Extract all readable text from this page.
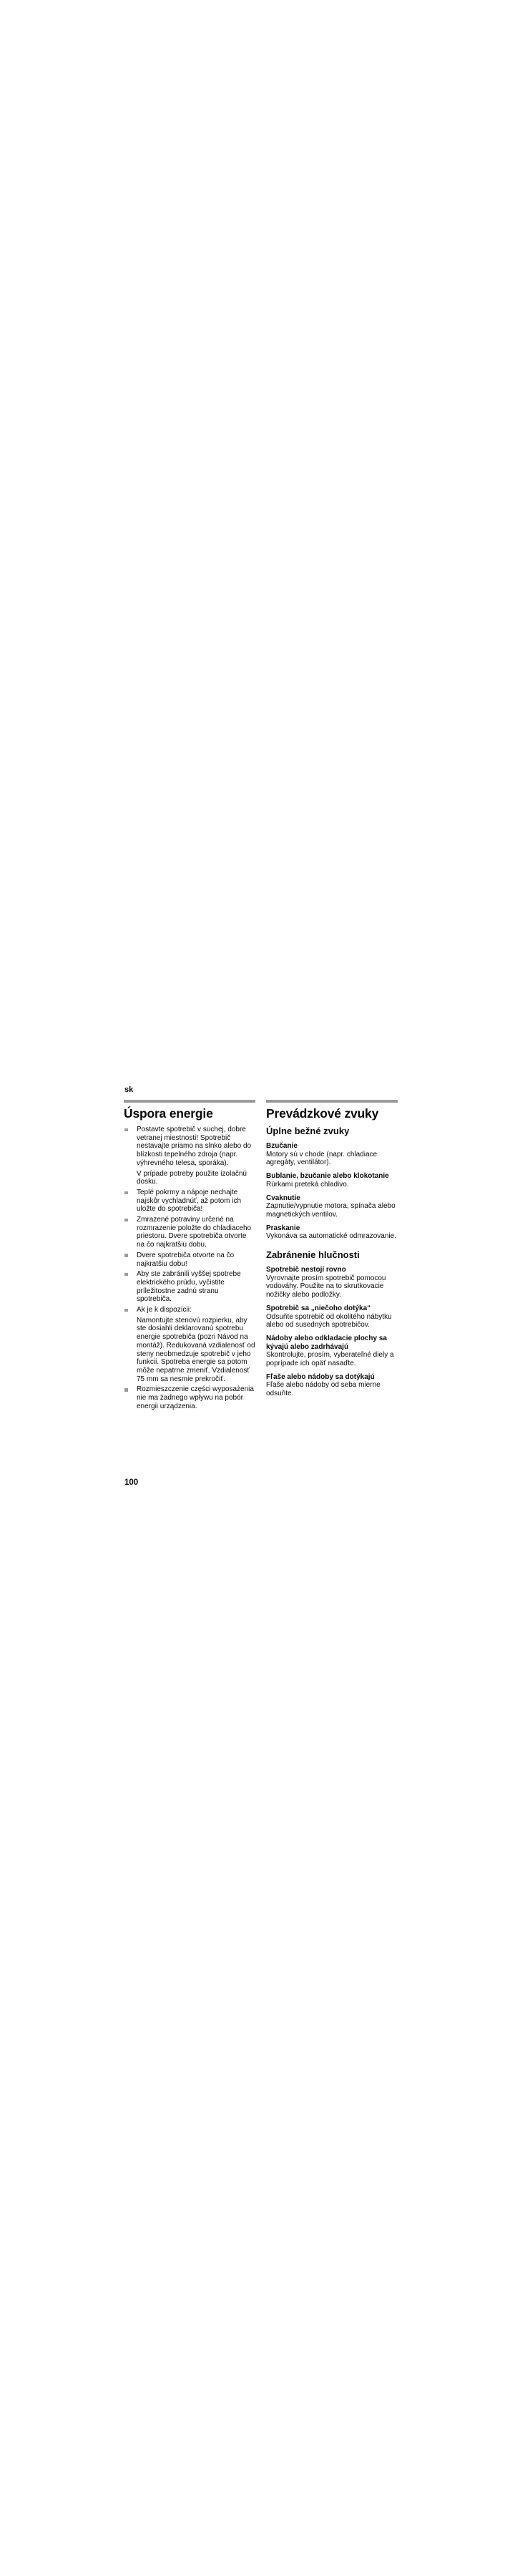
sk
Úspora energie

Postavte spotrebič v suchej, dobre vetranej miestnosti! Spotrebič nestavajte priamo na slnko alebo do blízkosti tepelného zdroja (napr. výhrevného telesa, sporáka).

V prípade potreby použite izolačnú dosku.

Teplé pokrmy a nápoje nechajte najskôr vychladnúť, až potom ich uložte do spotrebiča!

Zmrazené potraviny určené na rozmrazenie položte do chladiaceho priestoru. Dvere spotrebiča otvorte na čo najkratšiu dobu.

Dvere spotrebiča otvorte na čo najkratšiu dobu!

Aby ste zabránili vyššej spotrebe elektrického prúdu, vyčistite príležitostne zadnú stranu spotrebiča.

Ak je k dispozícii:

Namontujte stenovú rozpierku, aby ste dosiahli deklarovanú spotrebu energie spotrebiča (pozri Návod na montáž). Redukovaná vzdialenosť od steny neobmedzuje spotrebič v jeho funkcii. Spotreba energie sa potom môže nepatrne zmeniť. Vzdialenosť 75 mm sa nesmie prekročiť.

Rozmieszczenie części wyposażenia nie ma żadnego wpływu na pobór energii urządzenia.

Prevádzkové zvuky
Úplne bežné zvuky

Bzučanie

Motory sú v chode (napr. chladiace agregáty, ventilátor).

Bublanie, bzučanie alebo klokotanie

Rúrkami preteká chladivo.

Cvaknutie

Zapnutie/vypnutie motora, spínača alebo magnetických ventilov.

Praskanie

Vykonáva sa automatické odmrazovanie.

Zabránenie hlučnosti

Spotrebič nestojí rovno

Vyrovnajte prosím spotrebič pomocou vodováhy. Použite na to skrutkovacie nožičky alebo podložky.

Spotrebič sa „niečoho dotýka“

Odsuňte spotrebič od okolitého nábytku alebo od susedných spotrebičov.

Nádoby alebo odkladacie plochy sa kývajú alebo zadrhávajú

Skontrolujte, prosím, vyberateľné diely a poprípade ich opäť nasaďte.

Fľaše alebo nádoby sa dotýkajú

Fľaše alebo nádoby od seba mierne odsuňte.

100
